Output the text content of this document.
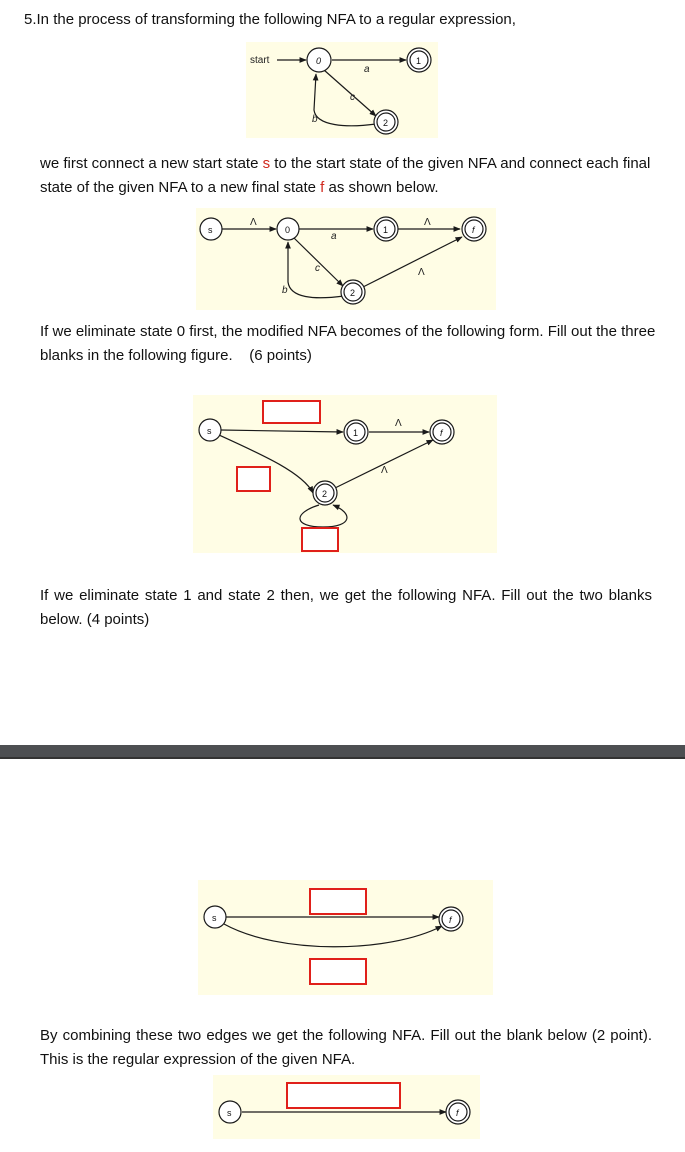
5.In the process of transforming the following NFA to a regular expression,

start
a
c
b
0	1
2

we first connect a new start state s to the start state of the given NFA and connect each final state of the given NFA to a new final state f as shown below.

Λ
a
Λ
c
b
Λ
s	0	1
2
f

If we eliminate state 0 first, the modified NFA becomes of the following form. Fill out the three blanks in the following figure. (6 points)

Λ
Λ
s	1
2
f

If we eliminate state 1 and state 2 then, we get the following NFA. Fill out the two blanks below. (4 points)

s	f

By combining these two edges we get the following NFA. Fill out the blank below (2 point). This is the regular expression of the given NFA.

s	f
